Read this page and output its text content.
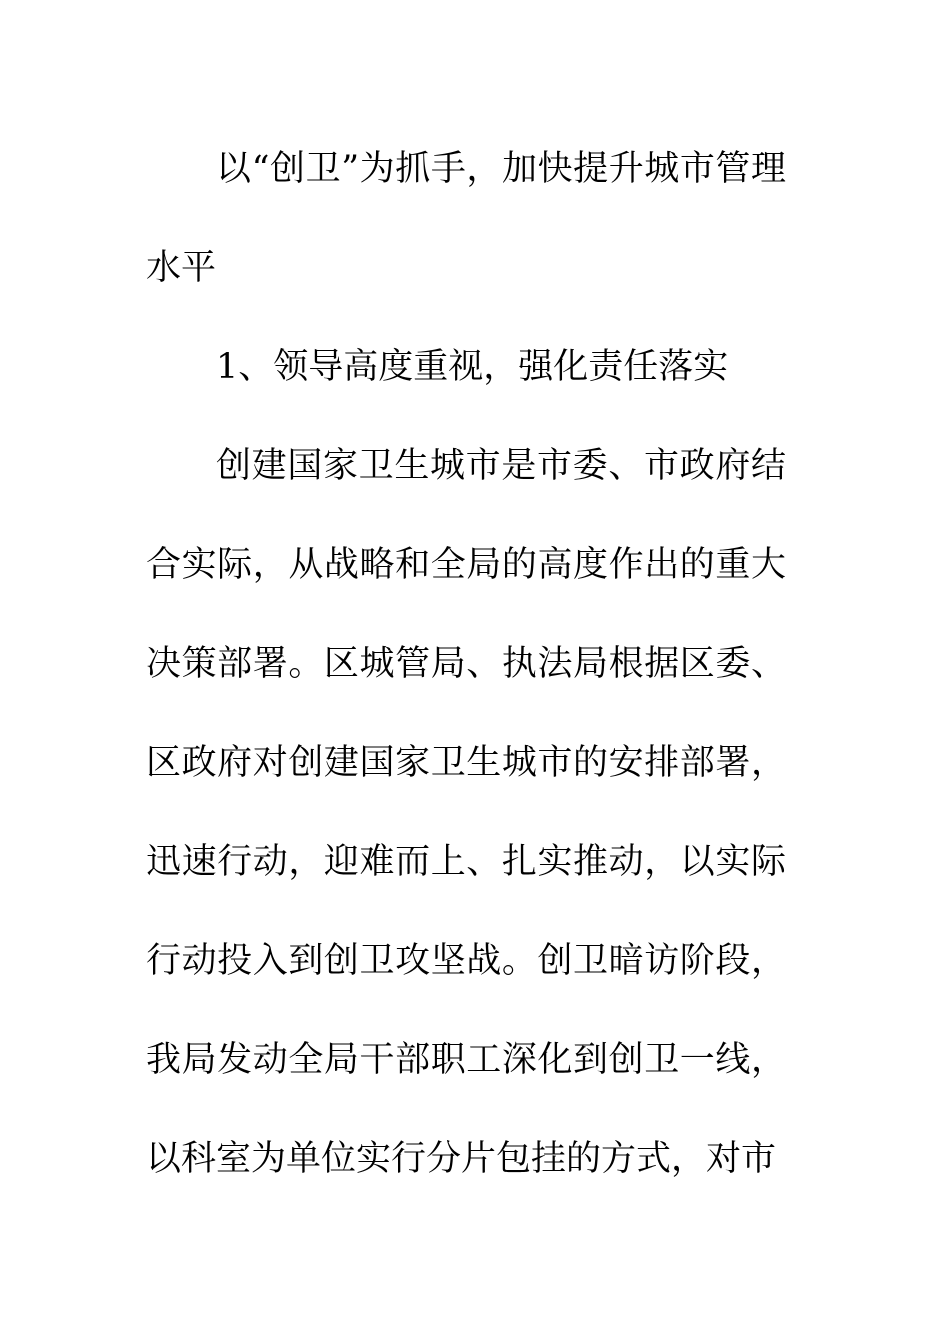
以“创卫”为抓手，加快提升城市管理水平

1、领导高度重视，强化责任落实

创建国家卫生城市是市委、市政府结合实际，从战略和全局的高度作出的重大决策部署。区城管局、执法局根据区委、区政府对创建国家卫生城市的安排部署，迅速行动，迎难而上、扎实推动，以实际行动投入到创卫攻坚战。创卫暗访阶段，我局发动全局干部职工深化到创卫一线，以科室为单位实行分片包挂的方式，对市
